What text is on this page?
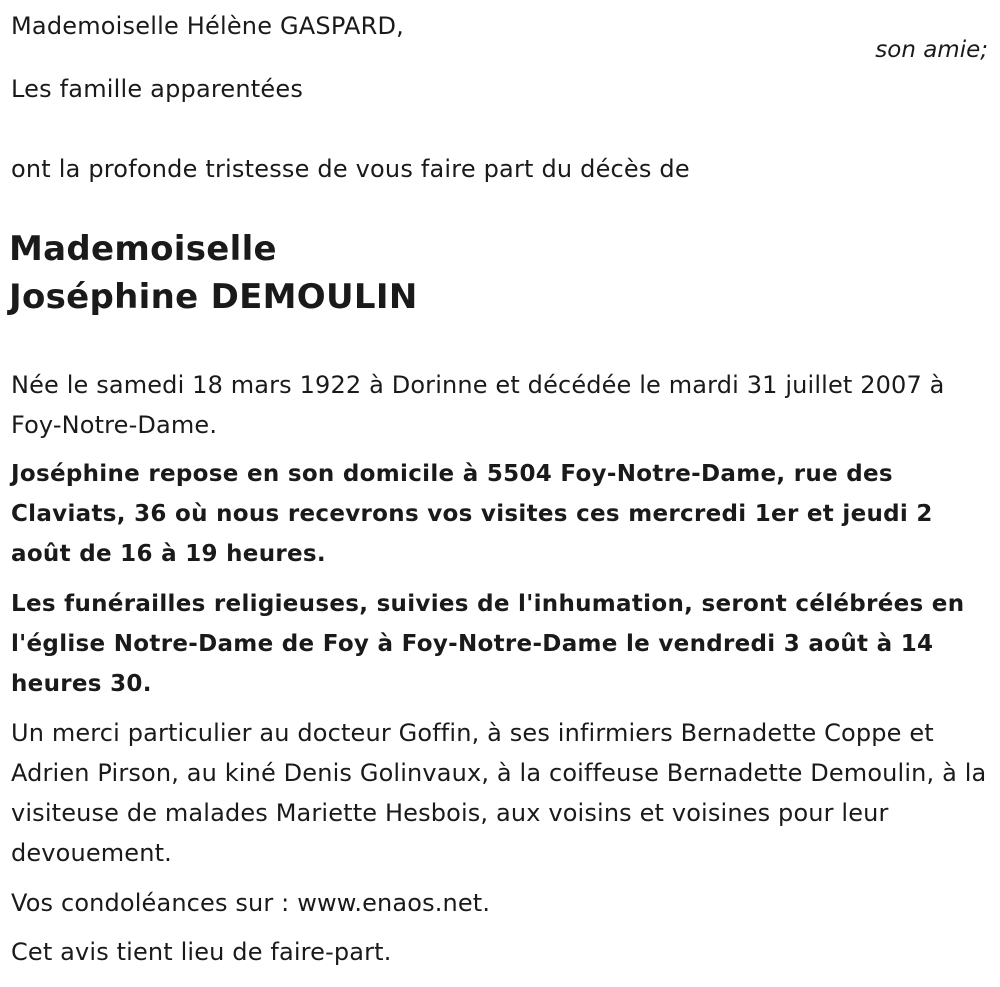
Mademoiselle Hélène GASPARD,
son amie;
Les famille apparentées
ont la profonde tristesse de vous faire part du décès de
Mademoiselle
Joséphine DEMOULIN
Née le samedi 18 mars 1922 à Dorinne et décédée le mardi 31 juillet 2007 à Foy-Notre-Dame.
Joséphine repose en son domicile à 5504 Foy-Notre-Dame, rue des Claviats, 36 où nous recevrons vos visites ces mercredi 1er et jeudi 2 août de 16 à 19 heures.
Les funérailles religieuses, suivies de l'inhumation, seront célébrées en l'église Notre-Dame de Foy à Foy-Notre-Dame le vendredi 3 août à 14 heures 30.
Un merci particulier au docteur Goffin, à ses infirmiers Bernadette Coppe et Adrien Pirson, au kiné Denis Golinvaux, à la coiffeuse Bernadette Demoulin, à la visiteuse de malades Mariette Hesbois, aux voisins et voisines pour leur devouement.
Vos condoléances sur : www.enaos.net.
Cet avis tient lieu de faire-part.
